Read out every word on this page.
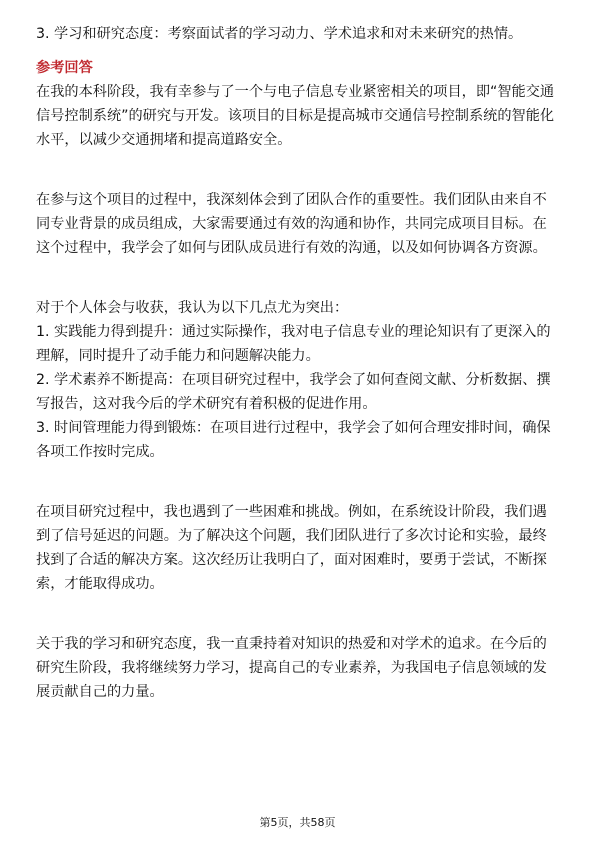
3. 学习和研究态度：考察面试者的学习动力、学术追求和对未来研究的热情。
参考回答
在我的本科阶段，我有幸参与了一个与电子信息专业紧密相关的项目，即“智能交通
信号控制系统”的研究与开发。该项目的目标是提高城市交通信号控制系统的智能化
水平，以减少交通拥堵和提高道路安全。
在参与这个项目的过程中，我深刻体会到了团队合作的重要性。我们团队由来自不
同专业背景的成员组成，大家需要通过有效的沟通和协作，共同完成项目目标。在
这个过程中，我学会了如何与团队成员进行有效的沟通，以及如何协调各方资源。
对于个人体会与收获，我认为以下几点尤为突出：
1. 实践能力得到提升：通过实际操作，我对电子信息专业的理论知识有了更深入的
理解，同时提升了动手能力和问题解决能力。
2. 学术素养不断提高：在项目研究过程中，我学会了如何查阅文献、分析数据、撰
写报告，这对我今后的学术研究有着积极的促进作用。
3. 时间管理能力得到锻炼：在项目进行过程中，我学会了如何合理安排时间，确保
各项工作按时完成。
在项目研究过程中，我也遇到了一些困难和挑战。例如，在系统设计阶段，我们遇
到了信号延迟的问题。为了解决这个问题，我们团队进行了多次讨论和实验，最终
找到了合适的解决方案。这次经历让我明白了，面对困难时，要勇于尝试，不断探
索，才能取得成功。
关于我的学习和研究态度，我一直秉持着对知识的热爱和对学术的追求。在今后的
研究生阶段，我将继续努力学习，提高自己的专业素养，为我国电子信息领域的发
展贡献自己的力量。
第5页，共58页
